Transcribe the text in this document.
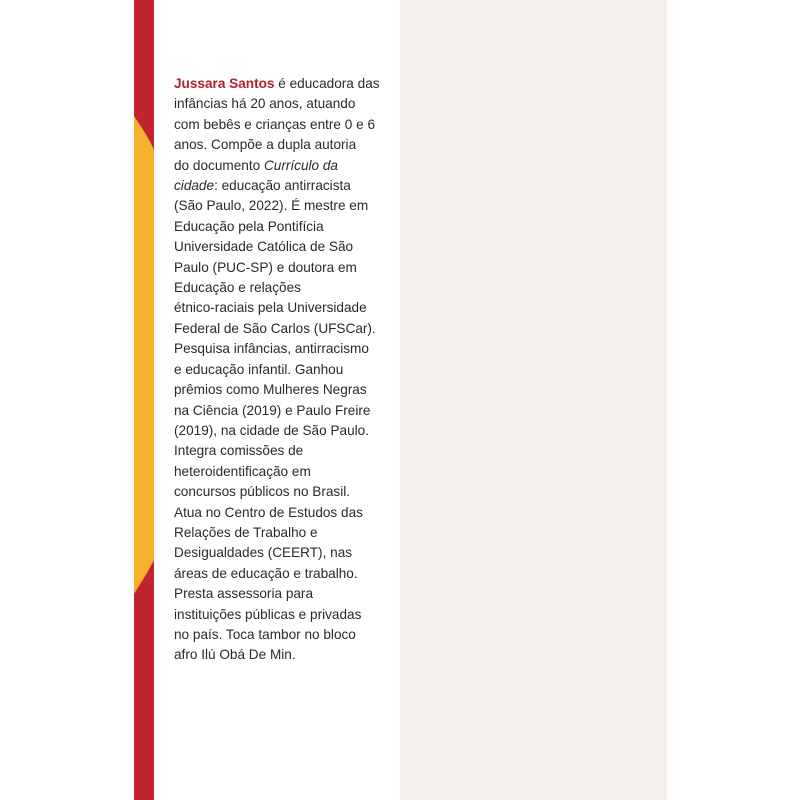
Jussara Santos é educadora das
infâncias há 20 anos, atuando
com bebês e crianças entre 0 e 6
anos. Compõe a dupla autoria
do documento Currículo da
cidade: educação antirracista
(São Paulo, 2022). É mestre em
Educação pela Pontifícia
Universidade Católica de São
Paulo (PUC-SP) e doutora em
Educação e relações
étnico-raciais pela Universidade
Federal de São Carlos (UFSCar).
Pesquisa infâncias, antirracismo
e educação infantil. Ganhou
prêmios como Mulheres Negras
na Ciência (2019) e Paulo Freire
(2019), na cidade de São Paulo.
Integra comissões de
heteroidentificação em
concursos públicos no Brasil.
Atua no Centro de Estudos das
Relações de Trabalho e
Desigualdades (CEERT), nas
áreas de educação e trabalho.
Presta assessoria para
instituições públicas e privadas
no país. Toca tambor no bloco
afro Ilú Obá De Min.
